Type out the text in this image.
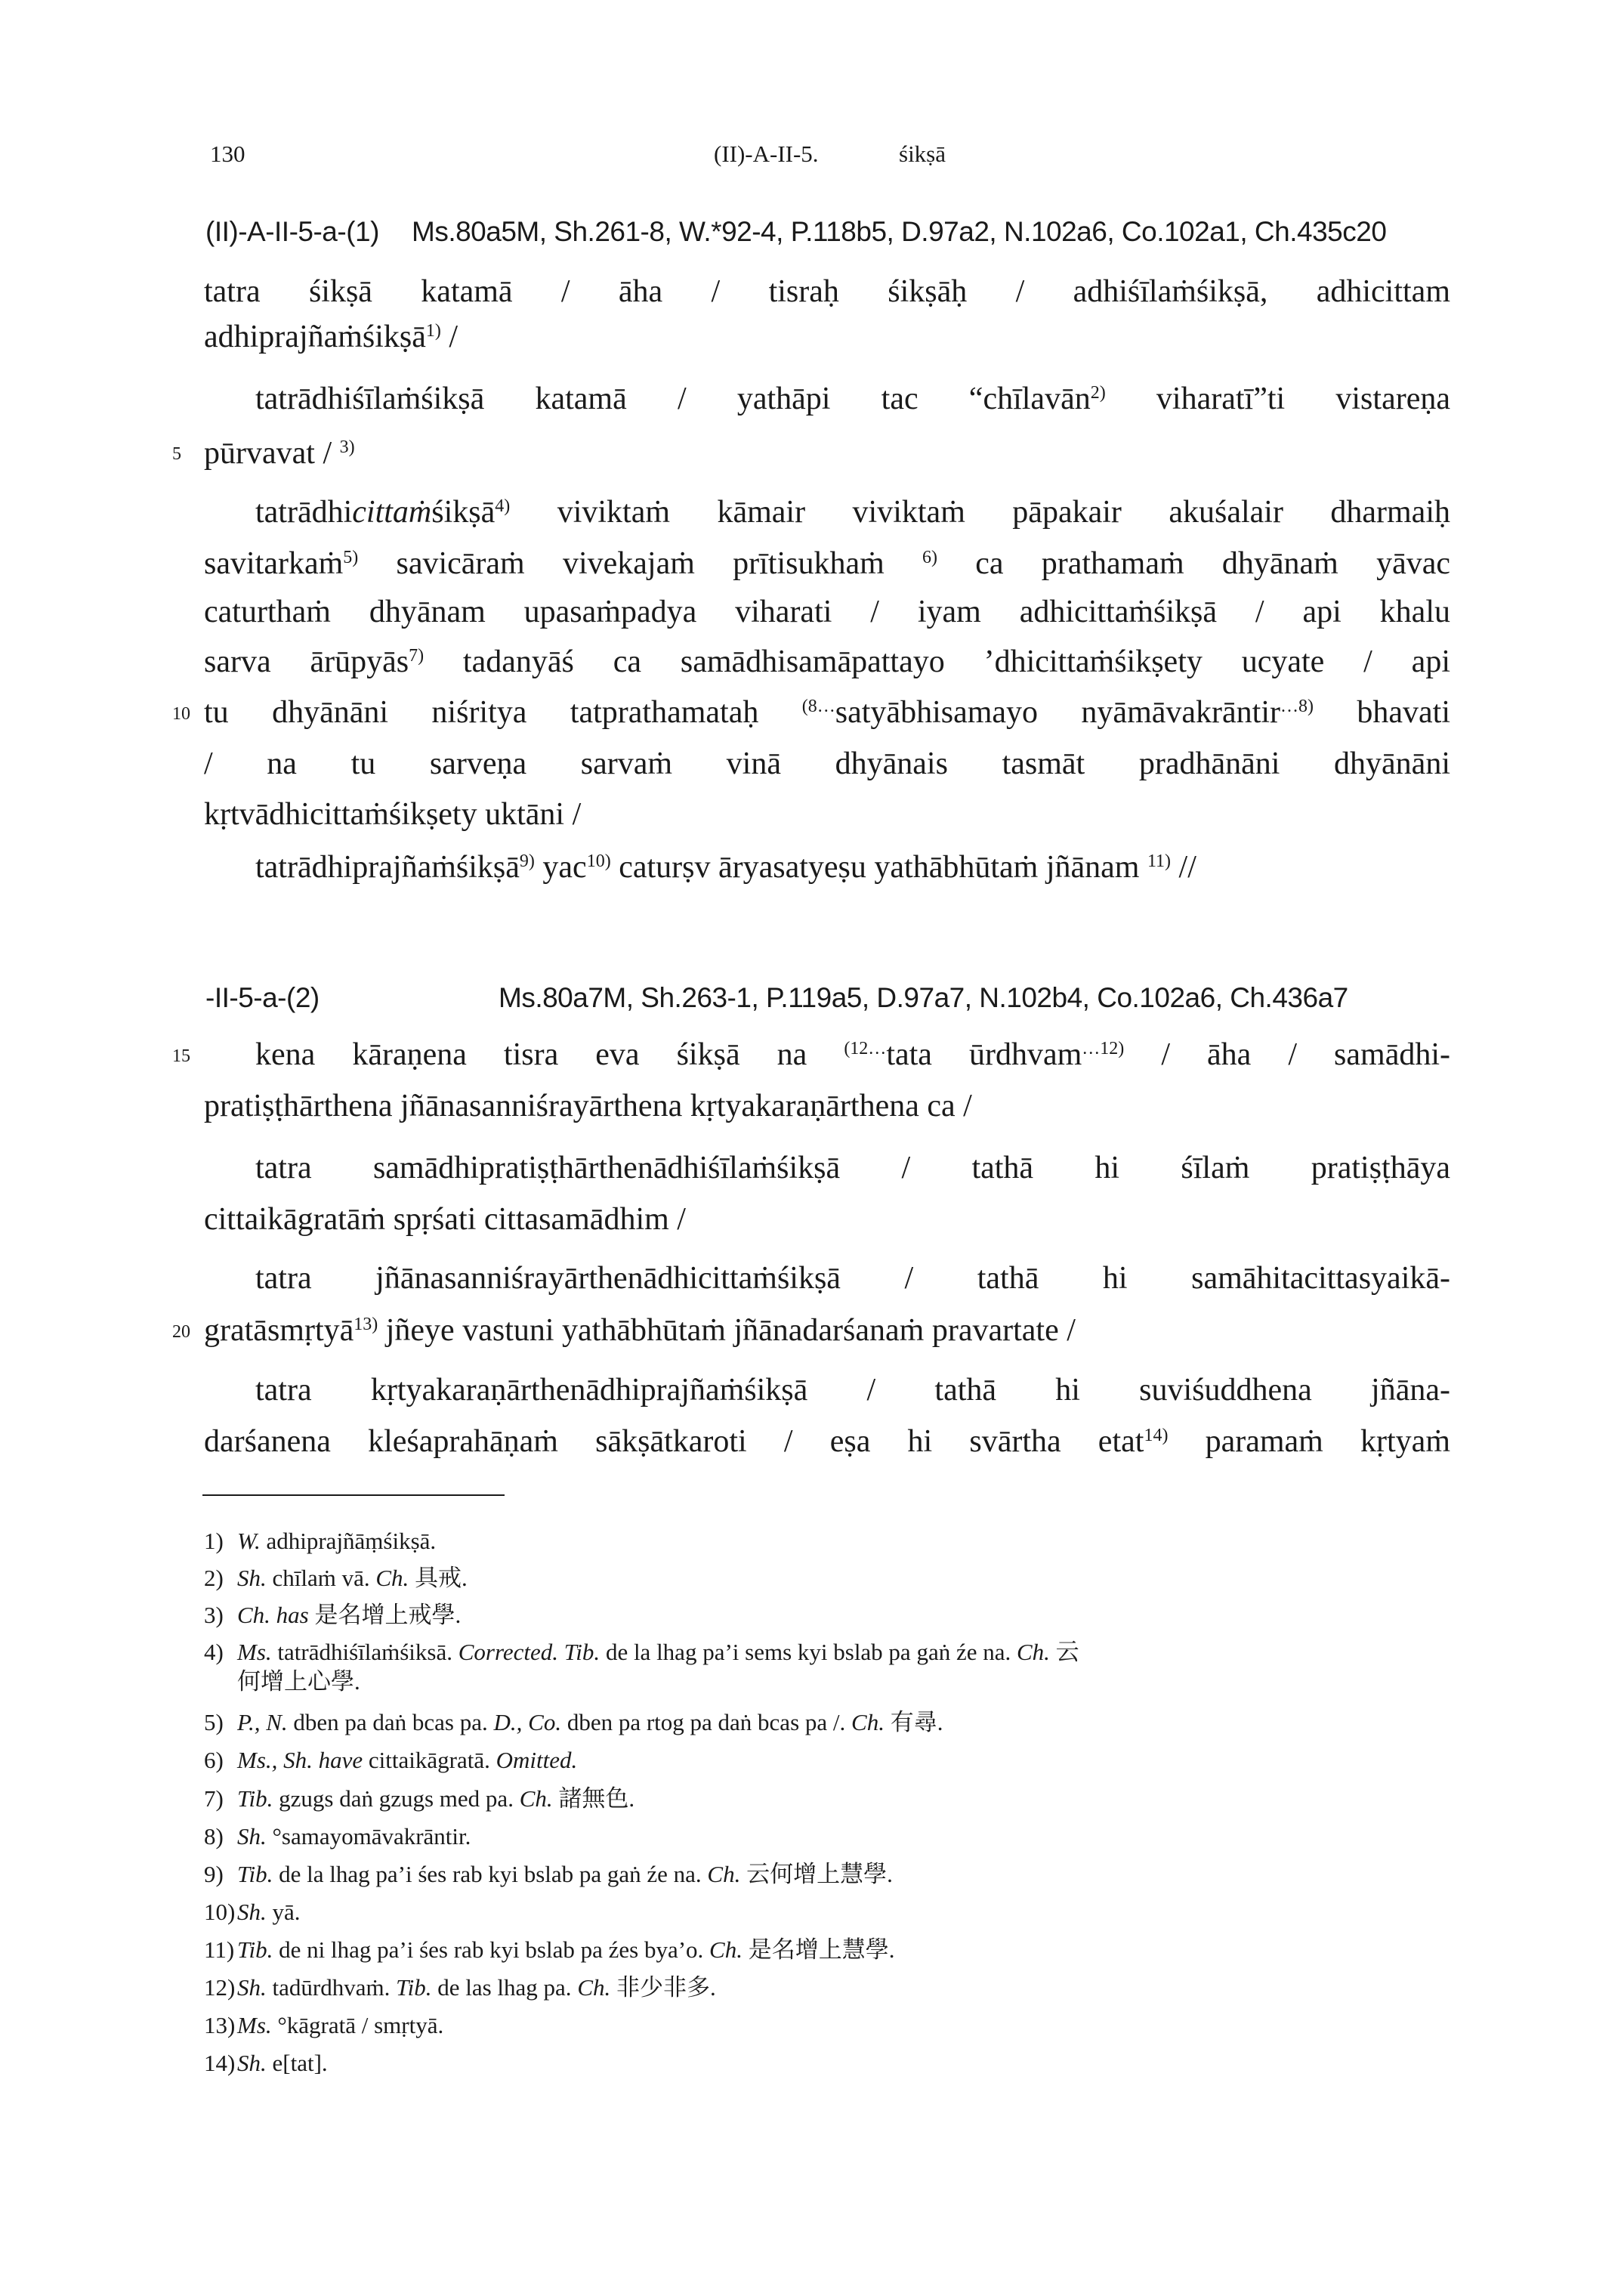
130	(II)-A-II-5.	śikṣā
(II)-A-II-5-a-(1) Ms.80a5M, Sh.261-8, W.*92-4, P.118b5, D.97a2, N.102a6, Co.102a1, Ch.435c20
tatra śikṣā katamā / āha / tisraḥ śikṣāḥ / adhiśīlaṁśikṣā, adhicittam
adhiprajñaṁśikṣā$^{1)}$ /
tatrādhiśīlaṁśikṣā katamā / yathāpi tac “chīlavān$^{2)}$ viharatī”ti vistareṇa
5 pūrvavat / $^{3)}$
tatrādhicittaṁśikṣā$^{4)}$ viviktaṁ kāmair viviktaṁ pāpakair akuśalair dharmaiḥ
savitarkaṁ$^{5)}$ savicāraṁ vivekajaṁ prītisukhaṁ $^{6)}$ ca prathamaṁ dhyānaṁ yāvac
caturthaṁ dhyānam upasaṁpadya viharati / iyam adhicittaṁśikṣā / api khalu
sarva ārūpyās$^{7)}$ tadanyāś ca samādhisamāpattayo ’dhicittaṁśikṣety ucyate / api
10 tu dhyānāni niśritya tatprathamataḥ $^{(8\dots}$satyābhisamayo nyāmāvakrāntir$^{\dots 8)}$ bhavati
/ na tu sarveṇa sarvaṁ vinā dhyānais tasmāt pradhānāni dhyānāni
kṛtvādhicittaṁśikṣety uktāni /
tatrādhiprajñaṁśikṣā$^{9)}$ yac$^{10)}$ caturṣv āryasatyeṣu yathābhūtaṁ jñānam $^{11)}$ //
-II-5-a-(2)	Ms.80a7M, Sh.263-1, P.119a5, D.97a7, N.102b4, Co.102a6, Ch.436a7
15 kena kāraṇena tisra eva śikṣā na $^{(12\dots}$tata ūrdhvam$^{\dots 12)}$ / āha / samādhi-
pratiṣṭhārthena jñānasanniśrayārthena kṛtyakaraṇārthena ca /
tatra samādhipratiṣṭhārthenādhiśīlaṁśikṣā / tathā hi śīlaṁ pratiṣṭhāya
cittaikāgratāṁ spṛśati cittasamādhim /
tatra jñānasanniśrayārthenādhicittaṁśikṣā / tathā hi samāhitacittasyaikā-
20 gratāsmṛtyā$^{13)}$ jñeye vastuni yathābhūtaṁ jñānadarśanaṁ pravartate /
tatra kṛtyakaraṇārthenādhiprajñaṁśikṣā / tathā hi suviśuddhena jñāna-
darśanena kleśaprahāṇaṁ sākṣātkaroti / eṣa hi svārtha etat$^{14)}$ paramaṁ kṛtyaṁ
1) W. adhiprajñāṃśikṣā.
2) Sh. chīlaṁ vā. Ch. 具戒.
3) Ch. has 是名增上戒學.
4) Ms. tatrādhiśīlaṁśiksā. Corrected. Tib. de la lhag pa’i sems kyi bslab pa gaṅ źe na. Ch. 云
何增上心學.
5) P., N. dben pa daṅ bcas pa. D., Co. dben pa rtog pa daṅ bcas pa /. Ch. 有尋.
6) Ms., Sh. have cittaikāgratā. Omitted.
7) Tib. gzugs daṅ gzugs med pa. Ch. 諸無色.
8) Sh. °samayomāvakrāntir.
9) Tib. de la lhag pa’i śes rab kyi bslab pa gaṅ źe na. Ch. 云何增上慧學.
10)Sh. yā.
11) Tib. de ni lhag pa’i śes rab kyi bslab pa źes bya’o. Ch. 是名增上慧學.
12)Sh. tadūrdhvaṁ. Tib. de las lhag pa. Ch. 非少非多.
13)Ms. °kāgratā / smṛtyā.
14)Sh. e[tat].
